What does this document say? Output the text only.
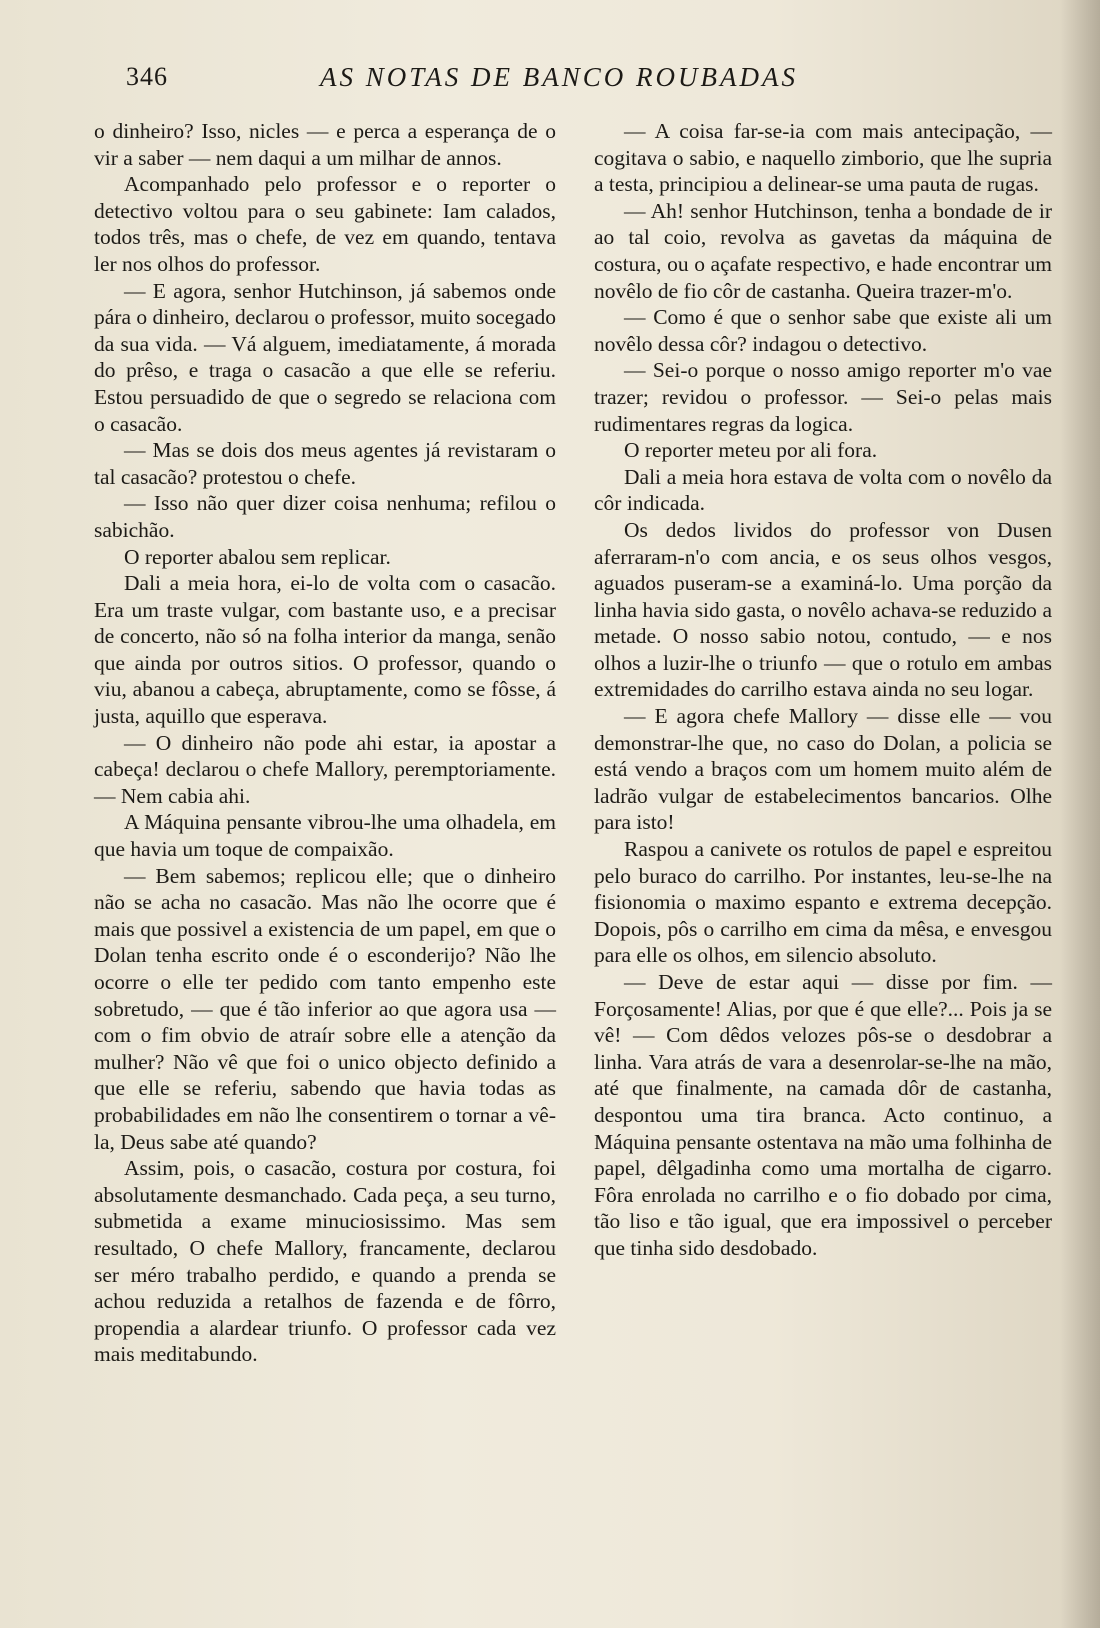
346	AS NOTAS DE BANCO ROUBADAS

o dinheiro? Isso, nicles — e perca a esperança de o vir a saber — nem daqui a um milhar de annos.

Acompanhado pelo professor e o reporter o detectivo voltou para o seu gabinete: Iam calados, todos três, mas o chefe, de vez em quando, tentava ler nos olhos do professor.

— E agora, senhor Hutchinson, já sabemos onde pára o dinheiro, declarou o professor, muito socegado da sua vida. — Vá alguem, imediatamente, á morada do prêso, e traga o casacão a que elle se referiu. Estou persuadido de que o segredo se relaciona com o casacão.

— Mas se dois dos meus agentes já revistaram o tal casacão? protestou o chefe.

— Isso não quer dizer coisa nenhuma; refilou o sabichão.

O reporter abalou sem replicar.

Dali a meia hora, ei-lo de volta com o casacão. Era um traste vulgar, com bastante uso, e a precisar de concerto, não só na folha interior da manga, senão que ainda por outros sitios. O professor, quando o viu, abanou a cabeça, abruptamente, como se fôsse, á justa, aquillo que esperava.

— O dinheiro não pode ahi estar, ia apostar a cabeça! declarou o chefe Mallory, peremptoriamente. — Nem cabia ahi.

A Máquina pensante vibrou-lhe uma olhadela, em que havia um toque de compaixão.

— Bem sabemos; replicou elle; que o dinheiro não se acha no casacão. Mas não lhe ocorre que é mais que possivel a existencia de um papel, em que o Dolan tenha escrito onde é o esconderijo? Não lhe ocorre o elle ter pedido com tanto empenho este sobretudo, — que é tão inferior ao que agora usa — com o fim obvio de atraír sobre elle a atenção da mulher? Não vê que foi o unico objecto definido a que elle se referiu, sabendo que havia todas as probabilidades em não lhe consentirem o tornar a vê-la, Deus sabe até quando?

Assim, pois, o casacão, costura por costura, foi absolutamente desmanchado. Cada peça, a seu turno, submetida a exame minuciosissimo. Mas sem resultado, O chefe Mallory, francamente, declarou ser méro trabalho perdido, e quando a prenda se achou reduzida a retalhos de fazenda e de fôrro, propendia a alardear triunfo. O professor cada vez mais meditabundo.

— A coisa far-se-ia com mais antecipação, — cogitava o sabio, e naquello zimborio, que lhe supria a testa, principiou a delinear-se uma pauta de rugas.

— Ah! senhor Hutchinson, tenha a bondade de ir ao tal coio, revolva as gavetas da máquina de costura, ou o açafate respectivo, e hade encontrar um novêlo de fio côr de castanha. Queira trazer-m'o.

— Como é que o senhor sabe que existe ali um novêlo dessa côr? indagou o detectivo.

— Sei-o porque o nosso amigo reporter m'o vae trazer; revidou o professor. — Sei-o pelas mais rudimentares regras da logica.

O reporter meteu por ali fora.

Dali a meia hora estava de volta com o novêlo da côr indicada.

Os dedos lividos do professor von Dusen aferraram-n'o com ancia, e os seus olhos vesgos, aguados puseram-se a examiná-lo. Uma porção da linha havia sido gasta, o novêlo achava-se reduzido a metade. O nosso sabio notou, contudo, — e nos olhos a luzir-lhe o triunfo — que o rotulo em ambas extremidades do carrilho estava ainda no seu logar.

— E agora chefe Mallory — disse elle — vou demonstrar-lhe que, no caso do Dolan, a policia se está vendo a braços com um homem muito além de ladrão vulgar de estabelecimentos bancarios. Olhe para isto!

Raspou a canivete os rotulos de papel e espreitou pelo buraco do carrilho. Por instantes, leu-se-lhe na fisionomia o maximo espanto e extrema decepção. Dopois, pôs o carrilho em cima da mêsa, e envesgou para elle os olhos, em silencio absoluto.

— Deve de estar aqui — disse por fim. — Forçosamente! Alias, por que é que elle?... Pois ja se vê! — Com dêdos velozes pôs-se o desdobrar a linha. Vara atrás de vara a desenrolar-se-lhe na mão, até que finalmente, na camada dôr de castanha, despontou uma tira branca. Acto continuo, a Máquina pensante ostentava na mão uma folhinha de papel, dêlgadinha como uma mortalha de cigarro. Fôra enrolada no carrilho e o fio dobado por cima, tão liso e tão igual, que era impossivel o perceber que tinha sido desdobado.
